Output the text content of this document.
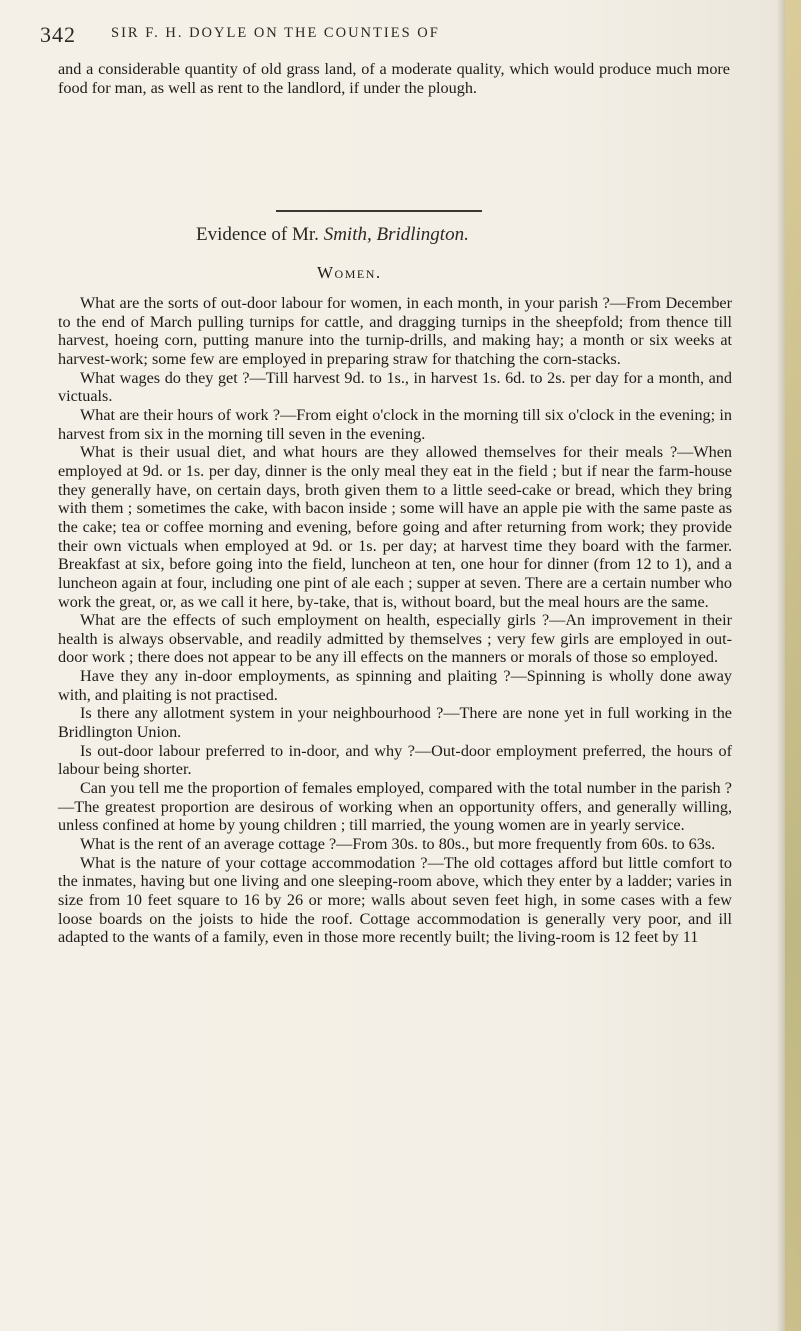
342 SIR F. H. DOYLE ON THE COUNTIES OF

and a considerable quantity of old grass land, of a moderate quality, which would produce much more food for man, as well as rent to the landlord, if under the plough.

Evidence of Mr. Smith, Bridlington.
Women.

What are the sorts of out-door labour for women, in each month, in your parish ?—From December to the end of March pulling turnips for cattle, and dragging turnips in the sheepfold; from thence till harvest, hoeing corn, putting manure into the turnip-drills, and making hay; a month or six weeks at harvest-work; some few are employed in preparing straw for thatching the corn-stacks.

What wages do they get ?—Till harvest 9d. to 1s., in harvest 1s. 6d. to 2s. per day for a month, and victuals.

What are their hours of work ?—From eight o'clock in the morning till six o'clock in the evening; in harvest from six in the morning till seven in the evening.

What is their usual diet, and what hours are they allowed themselves for their meals ?—When employed at 9d. or 1s. per day, dinner is the only meal they eat in the field ; but if near the farm-house they generally have, on certain days, broth given them to a little seed-cake or bread, which they bring with them ; sometimes the cake, with bacon inside ; some will have an apple pie with the same paste as the cake; tea or coffee morning and evening, before going and after returning from work; they provide their own victuals when employed at 9d. or 1s. per day; at harvest time they board with the farmer. Breakfast at six, before going into the field, luncheon at ten, one hour for dinner (from 12 to 1), and a luncheon again at four, including one pint of ale each ; supper at seven. There are a certain number who work the great, or, as we call it here, by-take, that is, without board, but the meal hours are the same.

What are the effects of such employment on health, especially girls ?—An improvement in their health is always observable, and readily admitted by themselves ; very few girls are employed in out-door work ; there does not appear to be any ill effects on the manners or morals of those so employed.

Have they any in-door employments, as spinning and plaiting ?—Spinning is wholly done away with, and plaiting is not practised.

Is there any allotment system in your neighbourhood ?—There are none yet in full working in the Bridlington Union.

Is out-door labour preferred to in-door, and why ?—Out-door employment preferred, the hours of labour being shorter.

Can you tell me the proportion of females employed, compared with the total number in the parish ?—The greatest proportion are desirous of working when an opportunity offers, and generally willing, unless confined at home by young children ; till married, the young women are in yearly service.

What is the rent of an average cottage ?—From 30s. to 80s., but more frequently from 60s. to 63s.

What is the nature of your cottage accommodation ?—The old cottages afford but little comfort to the inmates, having but one living and one sleeping-room above, which they enter by a ladder; varies in size from 10 feet square to 16 by 26 or more; walls about seven feet high, in some cases with a few loose boards on the joists to hide the roof. Cottage accommodation is generally very poor, and ill adapted to the wants of a family, even in those more recently built; the living-room is 12 feet by 11
